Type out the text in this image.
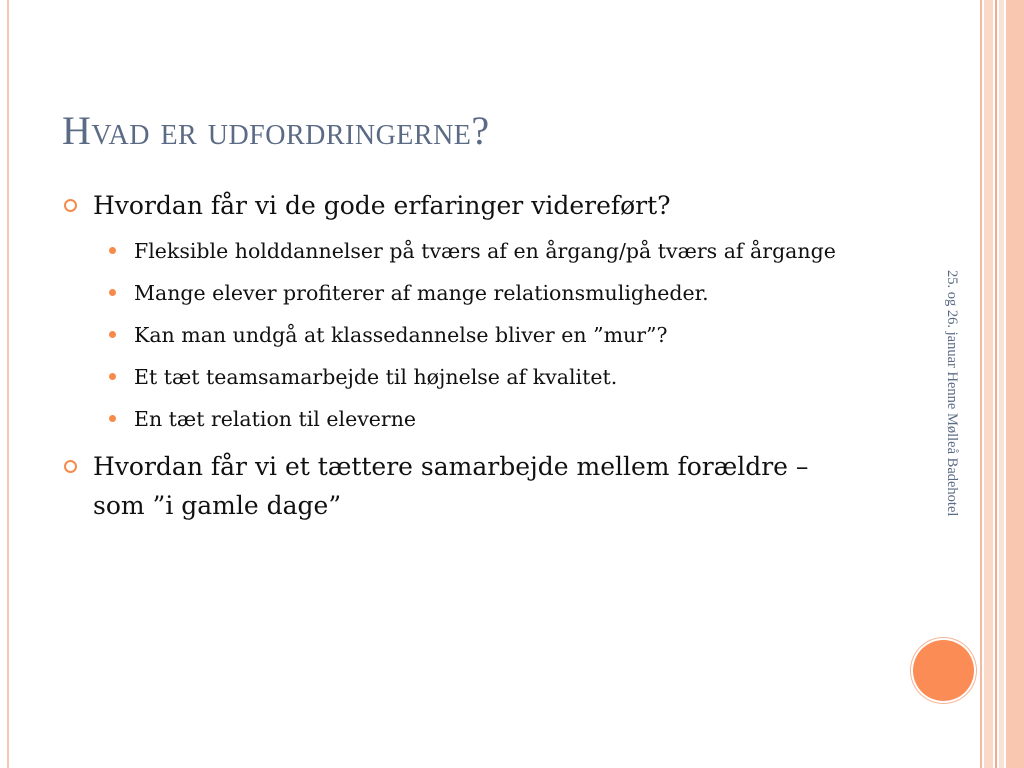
Hvad er udfordringerne?
Hvordan får vi de gode erfaringer videreført?
Fleksible holddannelser på tværs af en årgang/på tværs af årgange
Mange elever profiterer af mange relationsmuligheder.
Kan man undgå at klassedannelse bliver en ”mur”?
Et tæt teamsamarbejde til højnelse af kvalitet.
En tæt relation til eleverne
Hvordan får vi et tættere samarbejde mellem forældre – som ”i gamle dage”	25. og 26. januar Henne Mølleå Badehotel
